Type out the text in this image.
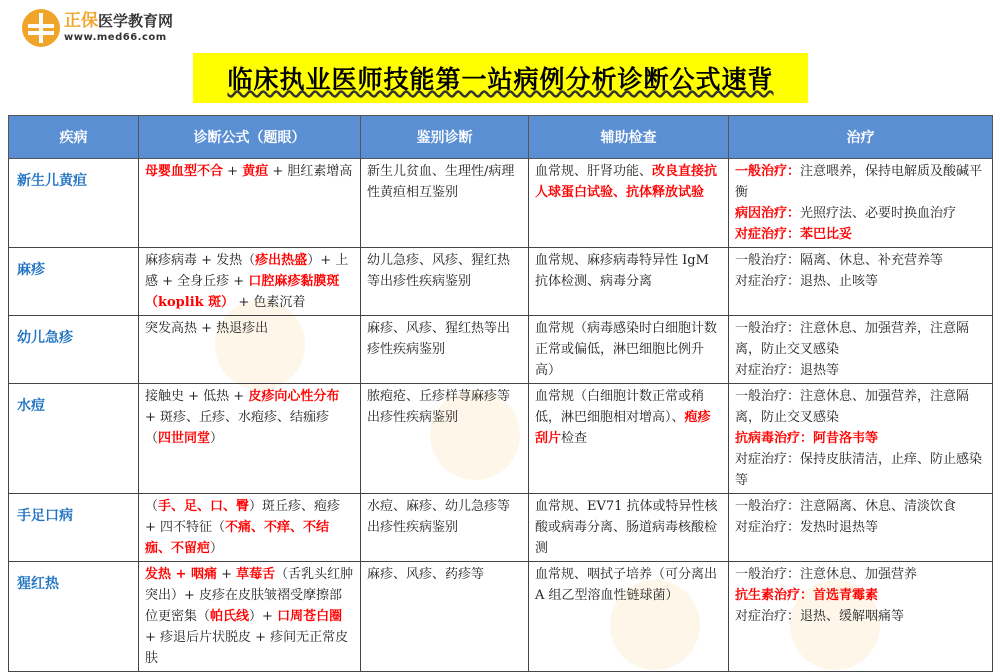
正保医学教育网
www.med66.com
临床执业医师技能第一站病例分析诊断公式速背
疾病	诊断公式（题眼）	鉴别诊断	辅助检查	治疗
新生儿黄疸	母婴血型不合 + 黄疸 + 胆红素增高	新生儿贫血、生理性/病理性黄疸相互鉴别	血常规、肝肾功能、改良直接抗人球蛋白试验、抗体释放试验	一般治疗：注意喂养，保持电解质及酸碱平衡
病因治疗：光照疗法、必要时换血治疗
对症治疗：苯巴比妥

麻疹	麻疹病毒 + 发热（疹出热盛）+ 上感 + 全身丘疹 + 口腔麻疹黏膜斑（koplik 斑） + 色素沉着	幼儿急疹、风疹、猩红热等出疹性疾病鉴别	血常规、麻疹病毒特异性 IgM 抗体检测、病毒分离	一般治疗：隔离、休息、补充营养等
对症治疗：退热、止咳等

幼儿急疹	突发高热 + 热退疹出	麻疹、风疹、猩红热等出疹性疾病鉴别	血常规（病毒感染时白细胞计数正常或偏低，淋巴细胞比例升高）	一般治疗：注意休息、加强营养，注意隔离，防止交叉感染
对症治疗：退热等

水痘	接触史 + 低热 + 皮疹向心性分布 + 斑疹、丘疹、水疱疹、结痂疹（四世同堂）	脓疱疮、丘疹样荨麻疹等出疹性疾病鉴别	血常规（白细胞计数正常或稍低，淋巴细胞相对增高）、疱疹刮片检查	一般治疗：注意休息、加强营养，注意隔离，防止交叉感染
抗病毒治疗：阿昔洛韦等
对症治疗：保持皮肤清洁，止痒、防止感染等

手足口病	（手、足、口、臀）斑丘疹、疱疹 + 四不特征（不痛、不痒、不结痂、不留疤）	水痘、麻疹、幼儿急疹等出疹性疾病鉴别	血常规、EV71 抗体或特异性核酸或病毒分离、肠道病毒核酸检测	一般治疗：注意隔离、休息、清淡饮食
对症治疗：发热时退热等

猩红热	发热 + 咽痛 + 草莓舌（舌乳头红肿突出）+ 皮疹在皮肤皱褶受摩擦部位更密集（帕氏线）+ 口周苍白圈 + 疹退后片状脱皮 + 疹间无正常皮肤	麻疹、风疹、药疹等	血常规、咽拭子培养（可分离出 A 组乙型溶血性链球菌）	一般治疗：注意休息、加强营养
抗生素治疗：首选青霉素
对症治疗：退热、缓解咽痛等
